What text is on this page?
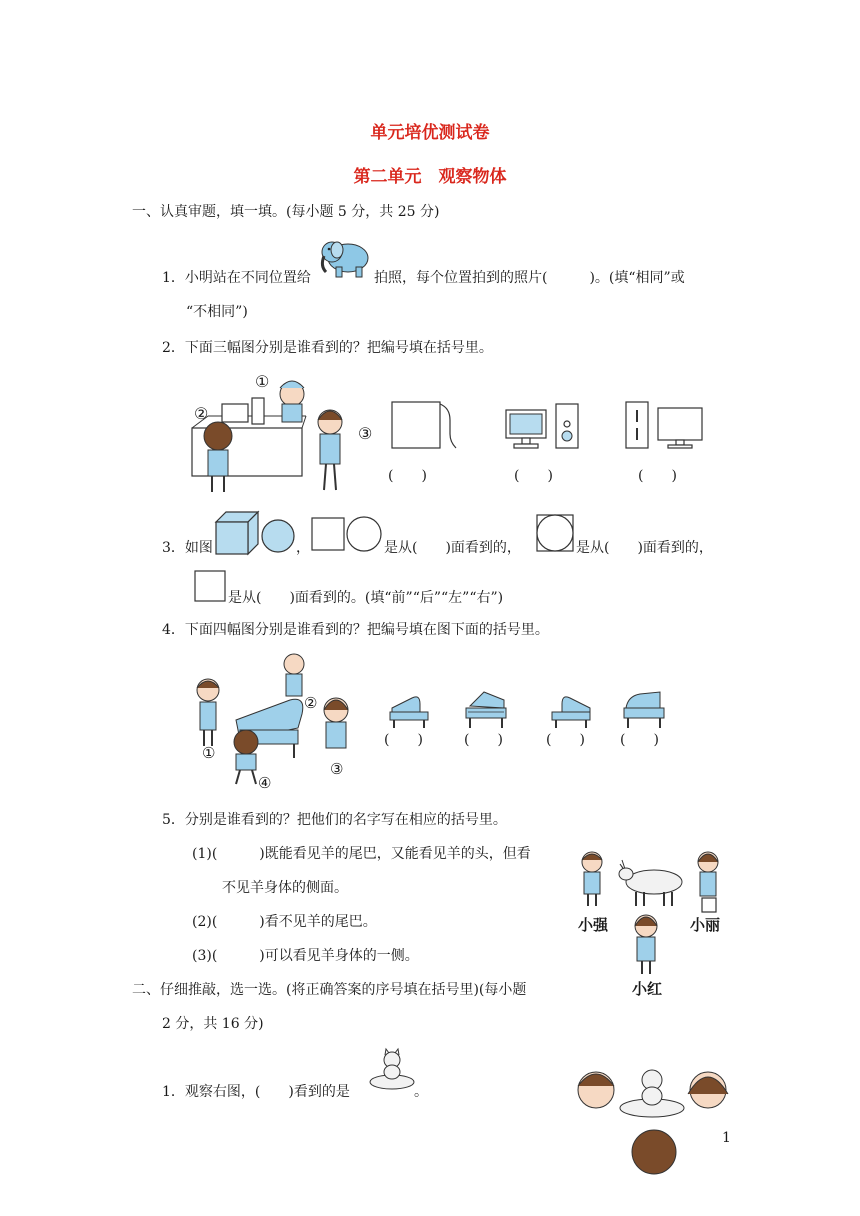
单元培优测试卷
第二单元　观察物体
一、认真审题，填一填。(每小题 5 分，共 25 分)
1．小明站在不同位置给	拍照，每个位置拍到的照片(　　　)。(填“相同”或
“不相同”)
2．下面三幅图分别是谁看到的？把编号填在括号里。
①
②
③
(　　)	(　　)	(　　)
3．如图	，	是从(　　)面看到的，	是从(　　)面看到的，
是从(　　)面看到的。(填“前”“后”“左”“右”)
4．下面四幅图分别是谁看到的？把编号填在图下面的括号里。
①
②
③
④
(　　)	(　　)	(　　)	(　　)
5．分别是谁看到的？把他们的名字写在相应的括号里。
(1)(　　　)既能看见羊的尾巴，又能看见羊的头，但看
不见羊身体的侧面。
(2)(　　　)看不见羊的尾巴。
(3)(　　　)可以看见羊身体的一侧。
小强	小丽
小红
二、仔细推敲，选一选。(将正确答案的序号填在括号里)(每小题
2 分，共 16 分)
1．观察右图，(　　)看到的是	。
1
